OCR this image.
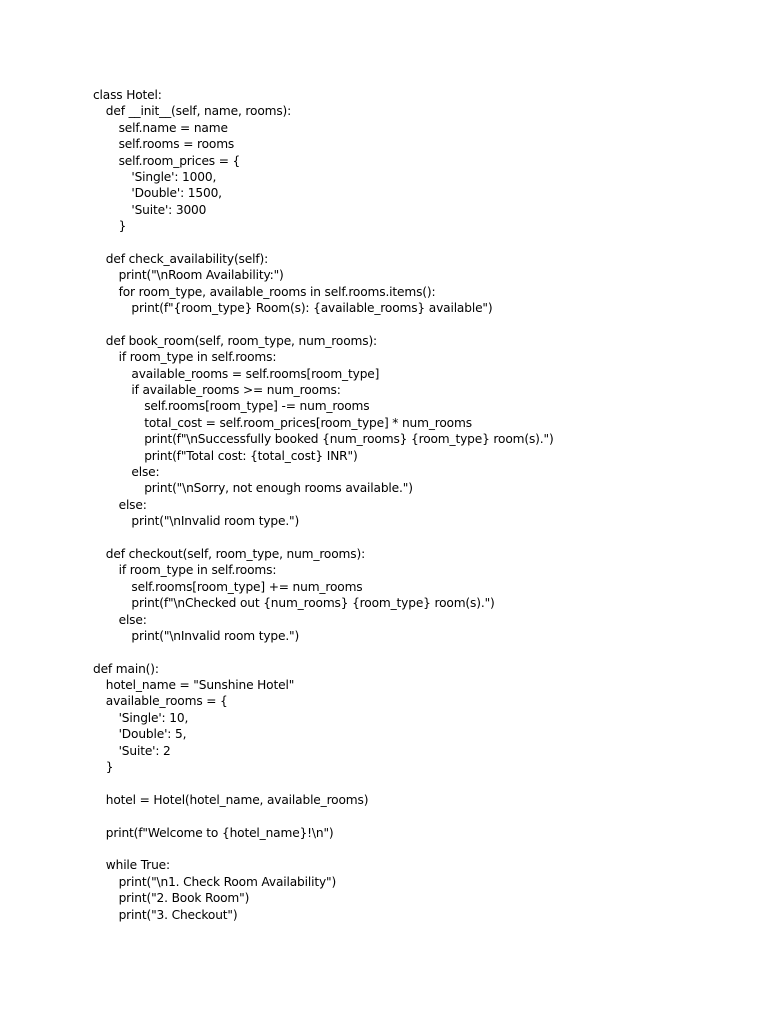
class Hotel:
def __init__(self, name, rooms):
self.name = name
self.rooms = rooms
self.room_prices = {
'Single': 1000,
'Double': 1500,
'Suite': 3000
}
def check_availability(self):
print("\nRoom Availability:")
for room_type, available_rooms in self.rooms.items():
print(f"{room_type} Room(s): {available_rooms} available")
def book_room(self, room_type, num_rooms):
if room_type in self.rooms:
available_rooms = self.rooms[room_type]
if available_rooms >= num_rooms:
self.rooms[room_type] -= num_rooms
total_cost = self.room_prices[room_type] * num_rooms
print(f"\nSuccessfully booked {num_rooms} {room_type} room(s).")
print(f"Total cost: {total_cost} INR")
else:
print("\nSorry, not enough rooms available.")
else:
print("\nInvalid room type.")
def checkout(self, room_type, num_rooms):
if room_type in self.rooms:
self.rooms[room_type] += num_rooms
print(f"\nChecked out {num_rooms} {room_type} room(s).")
else:
print("\nInvalid room type.")
def main():
hotel_name = "Sunshine Hotel"
available_rooms = {
'Single': 10,
'Double': 5,
'Suite': 2
}
hotel = Hotel(hotel_name, available_rooms)
print(f"Welcome to {hotel_name}!\n")
while True:
print("\n1. Check Room Availability")
print("2. Book Room")
print("3. Checkout")
